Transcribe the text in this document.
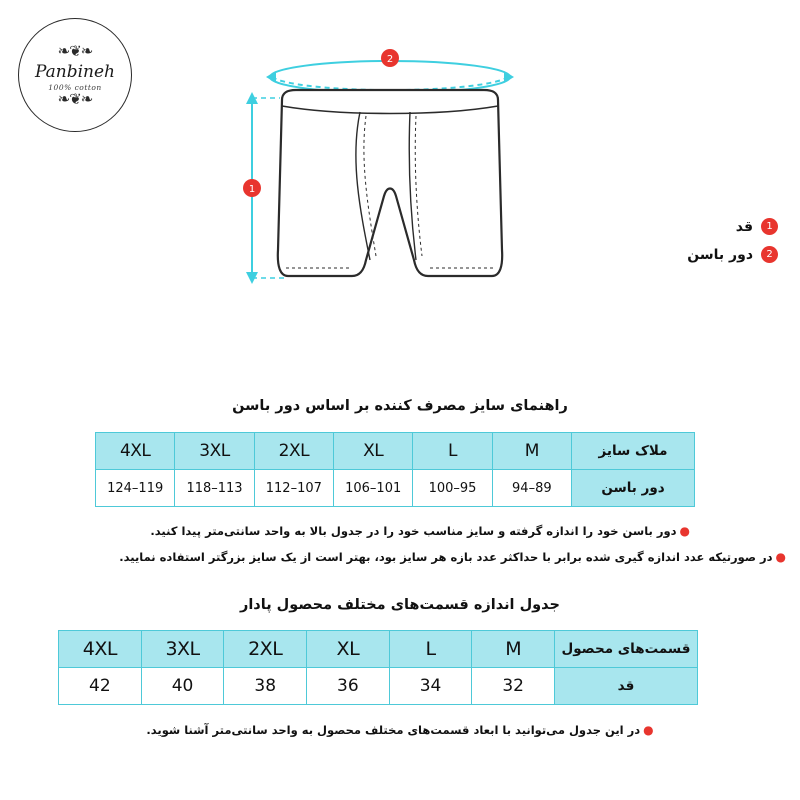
❧❦❧
Panbineh
100% cotton
❧❦❧
2
1
1
قد
2
دور باسن
راهنمای سایز مصرف کننده بر اساس دور باسن
ملاک سایز	M	L	XL	2XL	3XL	4XL
دور باسن	89–94	95–100	101–106	107–112	113–118	119–124
●دور باسن خود را اندازه گرفته و سایز مناسب خود را در جدول بالا به واحد سانتی‌متر پیدا کنید.
●در صورتیکه عدد اندازه گیری شده برابر با حداکثر عدد بازه هر سایز بود، بهتر است از یک سایز بزرگتر استفاده نمایید.
جدول اندازه قسمت‌های مختلف محصول پادار
قسمت‌های محصول	M	L	XL	2XL	3XL	4XL
قد	32	34	36	38	40	42
●در این جدول می‌توانید با ابعاد قسمت‌های مختلف محصول به واحد سانتی‌متر آشنا شوید.
